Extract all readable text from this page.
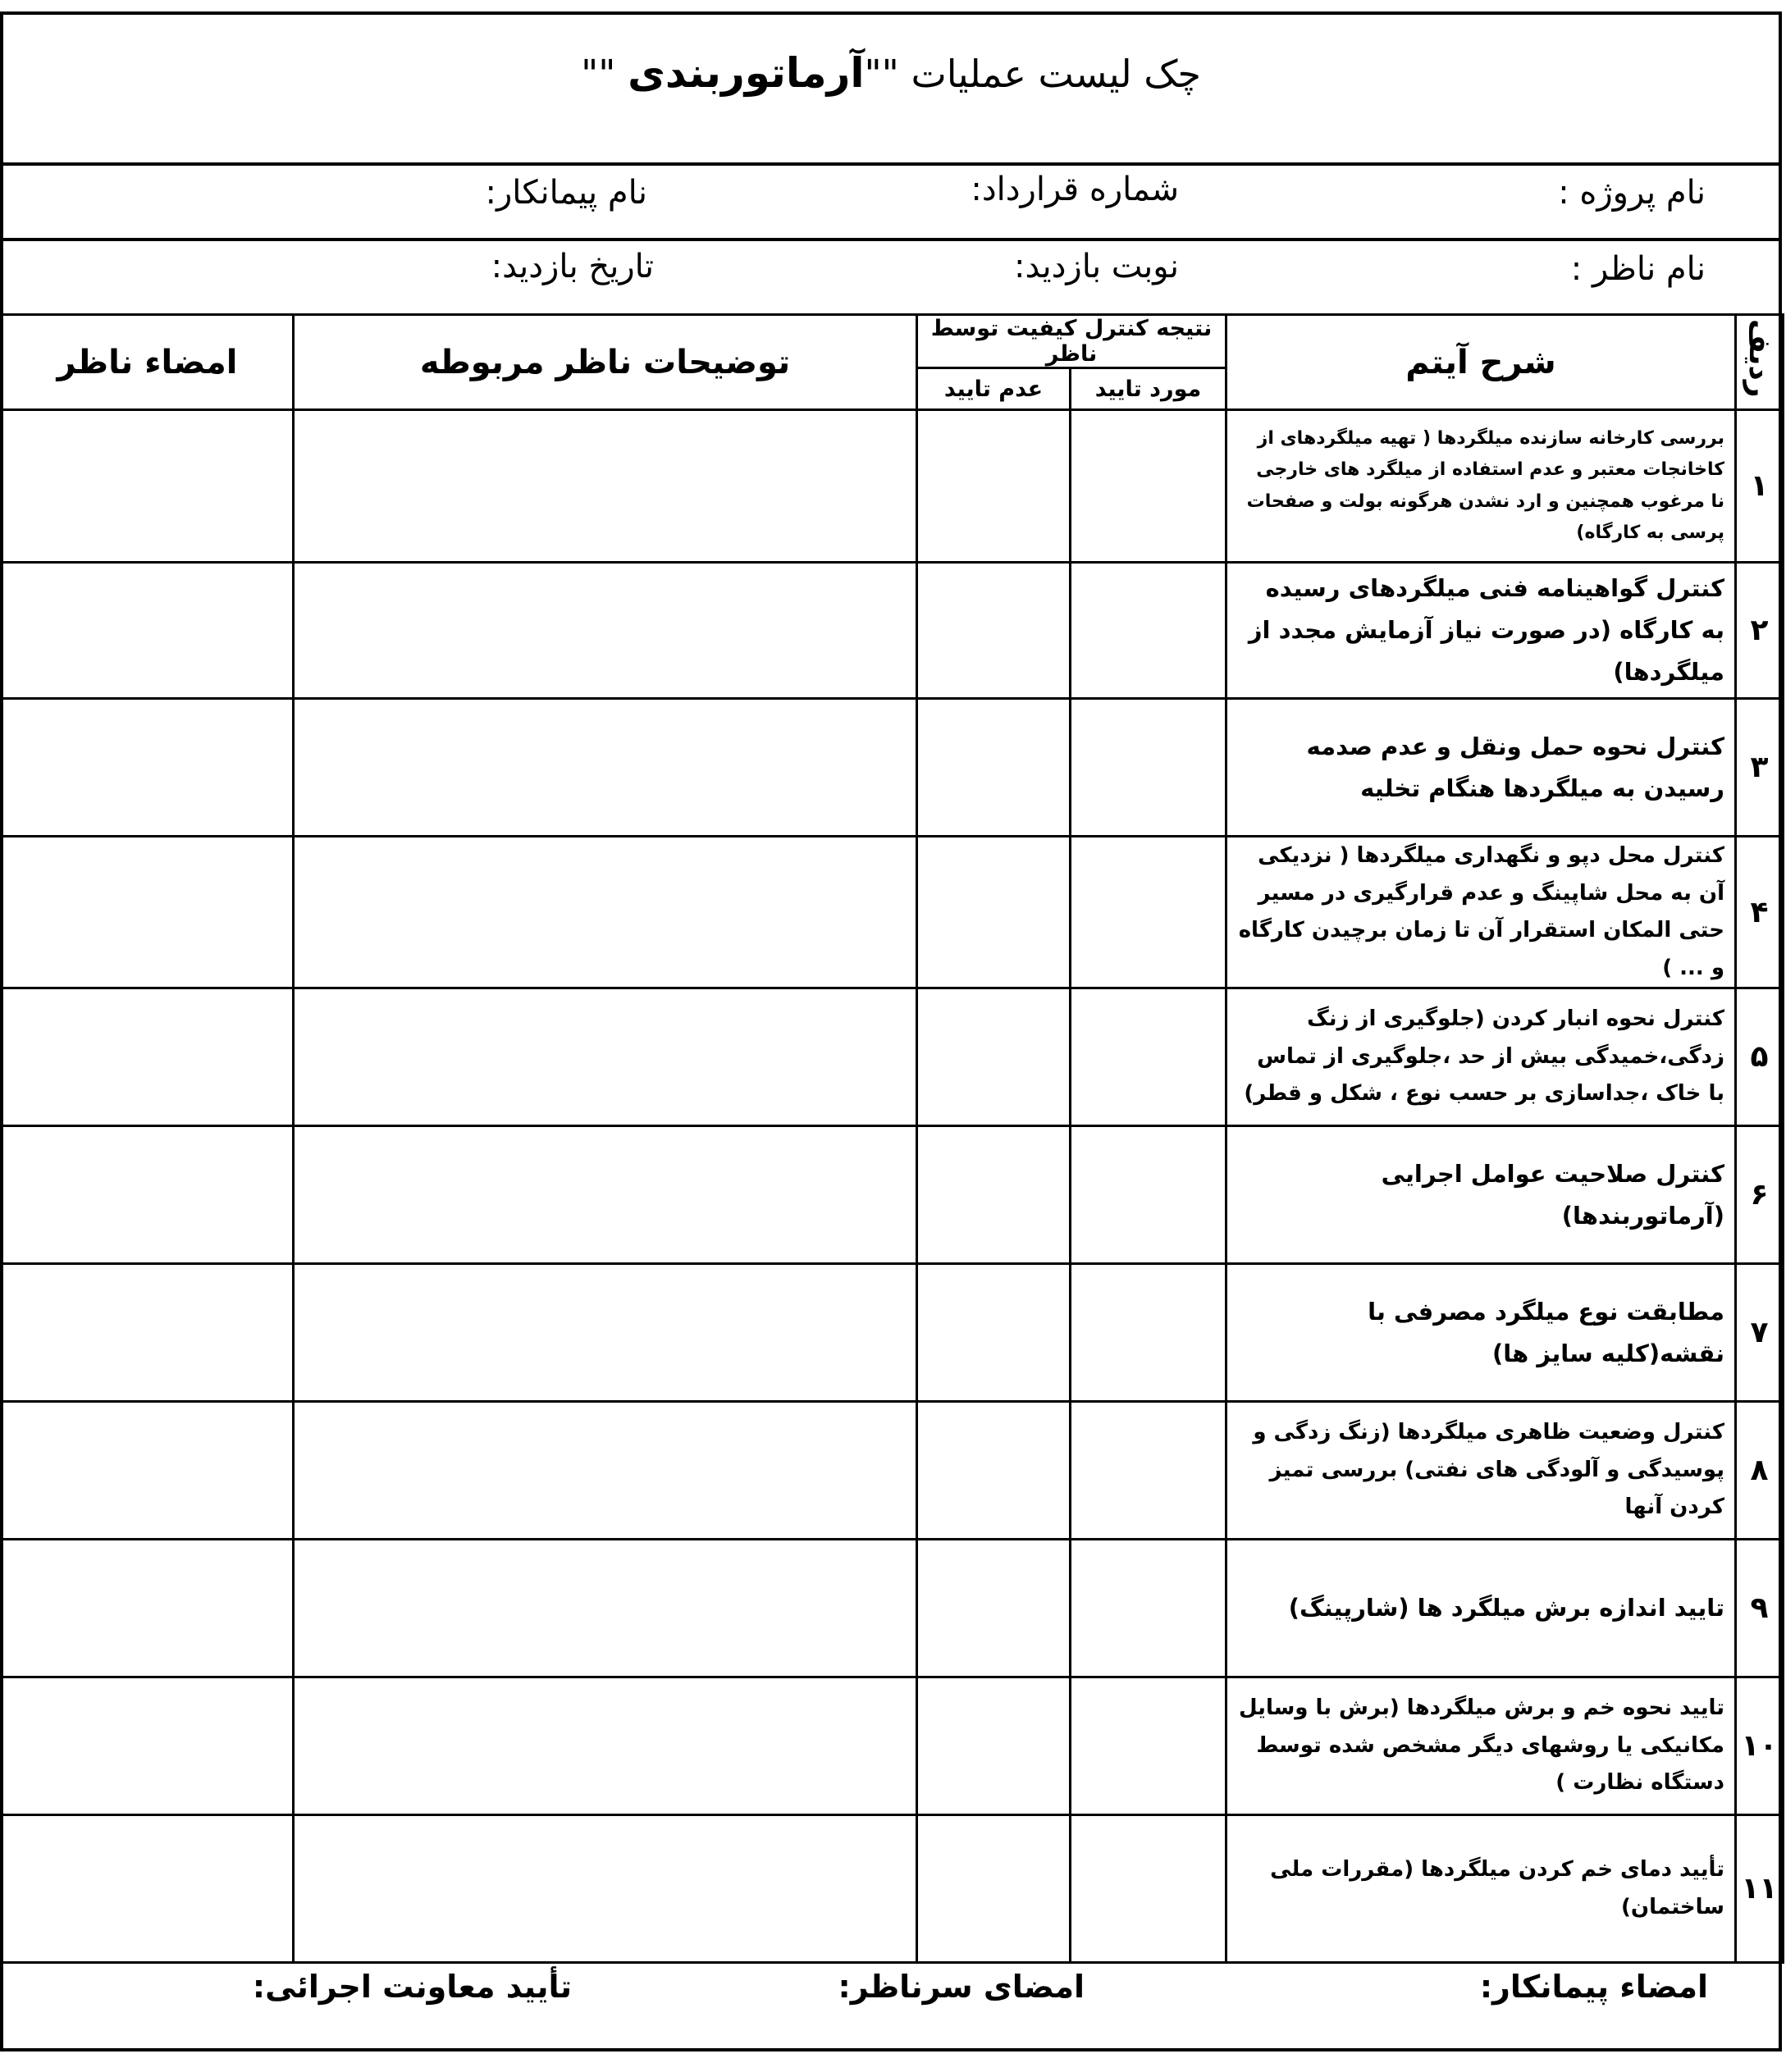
چک لیست عملیات ""آرماتوربندی ""
نام پروژه :
شماره قرارداد:
نام پیمانکار:
نام ناظر :
نوبت بازدید:
تاریخ بازدید:
ردیف	شرح آیتم	نتیجه کنترل کیفیت توسط ناظر		توضیحات ناظر مربوطه	امضاء ناظر
		مورد تایید	عدم تایید		
۱	بررسی کارخانه سازنده میلگردها ( تهیه میلگردهای از کاخانجات معتبر و عدم استفاده از میلگرد های خارجی نا مرغوب همچنین و ارد نشدن هرگونه بولت و صفحات پرسی به کارگاه)				
۲	کنترل گواهینامه فنی میلگردهای رسیده به کارگاه (در صورت نیاز آزمایش مجدد از میلگردها)				
۳	کنترل نحوه حمل ونقل و عدم صدمه رسیدن به میلگردها هنگام تخلیه				
۴	کنترل محل دپو و نگهداری میلگردها ( نزدیکی آن به محل شاپینگ و عدم قرارگیری در مسیر حتی المکان استقرار آن تا زمان برچیدن کارگاه و ... )				
۵	کنترل نحوه انبار کردن (جلوگیری از زنگ زدگی،خمیدگی بیش از حد ،جلوگیری از تماس با خاک ،جداسازی بر حسب نوع ، شکل و قطر)				
۶	کنترل صلاحیت عوامل اجرایی (آرماتوربندها)				
۷	مطابقت نوع میلگرد مصرفی با نقشه(کلیه سایز ها)				
۸	کنترل وضعیت ظاهری میلگردها (زنگ زدگی و پوسیدگی و آلودگی های نفتی) بررسی تمیز کردن آنها				
۹	تایید اندازه برش میلگرد ها (شارپینگ)				
۱۰	تایید نحوه خم و برش میلگردها (برش با وسایل مکانیکی یا روشهای دیگر مشخص شده توسط دستگاه نظارت )				
۱۱	تأیید دمای خم کردن میلگردها (مقررات ملی ساختمان)				
امضاء پیمانکار:
امضای سرناظر:
تأیید معاونت اجرائی:
